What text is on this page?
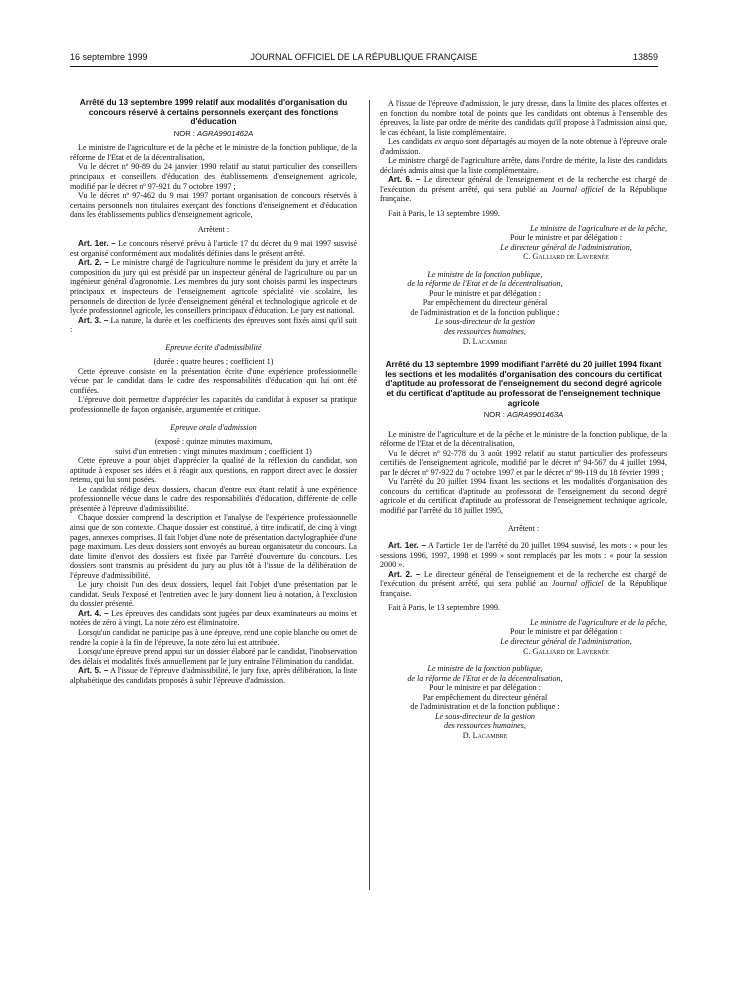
16 septembre 1999	JOURNAL OFFICIEL DE LA RÉPUBLIQUE FRANÇAISE	13859

Arrêté du 13 septembre 1999 relatif aux modalités d'organisation du concours réservé à certains personnels exerçant des fonctions d'éducation

NOR : AGRA9901462A

Le ministre de l'agriculture et de la pêche et le ministre de la fonction publique, de la réforme de l'Etat et de la décentralisation,

Vu le décret nº 90-89 du 24 janvier 1990 relatif au statut particulier des conseillers principaux et conseillers d'éducation des établissements d'enseignement agricole, modifié par le décret nº 97-921 du 7 octobre 1997 ;

Vu le décret nº 97-462 du 9 mai 1997 portant organisation de concours réservés à certains personnels non titulaires exerçant des fonctions d'enseignement et d'éducation dans les établissements publics d'enseignement agricole,

Arrêtent :

Art. 1er. – Le concours réservé prévu à l'article 17 du décret du 9 mai 1997 susvisé est organisé conformément aux modalités définies dans le présent arrêté.

Art. 2. – Le ministre chargé de l'agriculture nomme le président du jury et arrête la composition du jury qui est présidé par un inspecteur général de l'agriculture ou par un ingénieur général d'agronomie. Les membres du jury sont choisis parmi les inspecteurs principaux et inspecteurs de l'enseignement agricole spécialité vie scolaire, les personnels de direction de lycée d'enseignement général et technologique agricole et de lycée professionnel agricole, les conseillers principaux d'éducation. Le jury est national.

Art. 3. – La nature, la durée et les coefficients des épreuves sont fixés ainsi qu'il suit :

Epreuve écrite d'admissibilité

(durée : quatre heures ; coefficient 1)

Cette épreuve consiste en la présentation écrite d'une expérience professionnelle vécue par le candidat dans le cadre des responsabilités d'éducation qui lui ont été confiées.

L'épreuve doit permettre d'apprécier les capacités du candidat à exposer sa pratique professionnelle de façon organisée, argumentée et critique.

Epreuve orale d'admission

(exposé : quinze minutes maximum,

suivi d'un entretien : vingt minutes maximum ; coefficient 1)

Cette épreuve a pour objet d'apprécier la qualité de la réflexion du candidat, son aptitude à exposer ses idées et à réagir aux questions, en rapport direct avec le dossier retenu, qui lui sont posées.

Le candidat rédige deux dossiers, chacun d'entre eux étant relatif à une expérience professionnelle vécue dans le cadre des responsabilités d'éducation, différente de celle présentée à l'épreuve d'admissibilité.

Chaque dossier comprend la description et l'analyse de l'expérience professionnelle ainsi que de son contexte. Chaque dossier est constitué, à titre indicatif, de cinq à vingt pages, annexes comprises. Il fait l'objet d'une note de présentation dactylographiée d'une page maximum. Les deux dossiers sont envoyés au bureau organisateur du concours. La date limite d'envoi des dossiers est fixée par l'arrêté d'ouverture du concours. Les dossiers sont transmis au président du jury au plus tôt à l'issue de la délibération de l'épreuve d'admissibilité.

Le jury choisit l'un des deux dossiers, lequel fait l'objet d'une présentation par le candidat. Seuls l'exposé et l'entretien avec le jury donnent lieu à notation, à l'exclusion du dossier présenté.

Art. 4. – Les épreuves des candidats sont jugées par deux examinateurs au moins et notées de zéro à vingt. La note zéro est éliminatoire.

Lorsqu'un candidat ne participe pas à une épreuve, rend une copie blanche ou omet de rendre la copie à la fin de l'épreuve, la note zéro lui est attribuée.

Lorsqu'une épreuve prend appui sur un dossier élaboré par le candidat, l'inobservation des délais et modalités fixés annuellement par le jury entraîne l'élimination du candidat.

Art. 5. – A l'issue de l'épreuve d'admissibilité, le jury fixe, après délibération, la liste alphabétique des candidats proposés à subir l'épreuve d'admission.

A l'issue de l'épreuve d'admission, le jury dresse, dans la limite des places offertes et en fonction du nombre total de points que les candidats ont obtenus à l'ensemble des épreuves, la liste par ordre de mérite des candidats qu'il propose à l'admission ainsi que, le cas échéant, la liste complémentaire.

Les candidats ex aequo sont départagés au moyen de la note obtenue à l'épreuve orale d'admission.

Le ministre chargé de l'agriculture arrête, dans l'ordre de mérite, la liste des candidats déclarés admis ainsi que la liste complémentaire.

Art. 6. – Le directeur général de l'enseignement et de la recherche est chargé de l'exécution du présent arrêté, qui sera publié au Journal officiel de la République française.

Fait à Paris, le 13 septembre 1999.

Le ministre de l'agriculture et de la pêche,

Pour le ministre et par délégation :

Le directeur général de l'administration,

C. Galliard de Lavernée

Le ministre de la fonction publique,

de la réforme de l'Etat et de la décentralisation,

Pour le ministre et par délégation :

Par empêchement du directeur général

de l'administration et de la fonction publique :

Le sous-directeur de la gestion

des ressources humaines,

D. Lacambre

Arrêté du 13 septembre 1999 modifiant l'arrêté du 20 juillet 1994 fixant les sections et les modalités d'organisation des concours du certificat d'aptitude au professorat de l'enseignement du second degré agricole et du certificat d'aptitude au professorat de l'enseignement technique agricole

NOR : AGRA9901463A

Le ministre de l'agriculture et de la pêche et le ministre de la fonction publique, de la réforme de l'Etat et de la décentralisation,

Vu le décret nº 92-778 du 3 août 1992 relatif au statut particulier des professeurs certifiés de l'enseignement agricole, modifié par le décret nº 94-567 du 4 juillet 1994, par le décret nº 97-922 du 7 octobre 1997 et par le décret nº 99-119 du 18 février 1999 ;

Vu l'arrêté du 20 juillet 1994 fixant les sections et les modalités d'organisation des concours du certificat d'aptitude au professorat de l'enseignement du second degré agricole et du certificat d'aptitude au professorat de l'enseignement technique agricole, modifié par l'arrêté du 18 juillet 1995,

Arrêtent :

Art. 1er. – A l'article 1er de l'arrêté du 20 juillet 1994 susvisé, les mots : « pour les sessions 1996, 1997, 1998 et 1999 » sont remplacés par les mots : « pour la session 2000 ».

Art. 2. – Le directeur général de l'enseignement et de la recherche est chargé de l'exécution du présent arrêté, qui sera publié au Journal officiel de la République française.

Fait à Paris, le 13 septembre 1999.

Le ministre de l'agriculture et de la pêche,

Pour le ministre et par délégation :

Le directeur général de l'administration,

C. Galliard de Lavernée

Le ministre de la fonction publique,

de la réforme de l'Etat et de la décentralisation,

Pour le ministre et par délégation :

Par empêchement du directeur général

de l'administration et de la fonction publique :

Le sous-directeur de la gestion

des ressources humaines,

D. Lacambre
